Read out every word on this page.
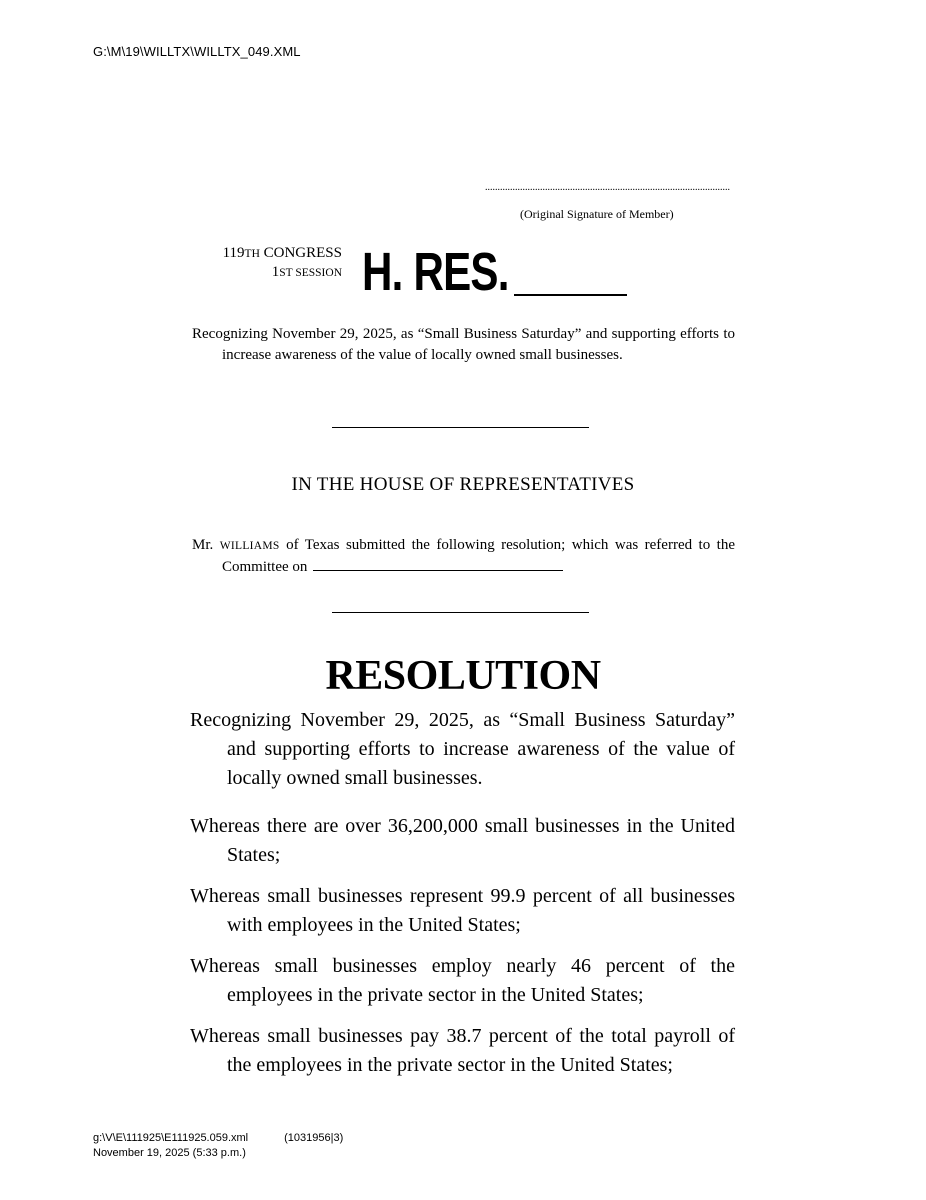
G:\M\19\WILLTX\WILLTX_049.XML
..................................................................................................
(Original Signature of Member)
119TH CONGRESS
1ST SESSION H. RES.
Recognizing November 29, 2025, as “Small Business Saturday” and supporting efforts to increase awareness of the value of locally owned small businesses.
IN THE HOUSE OF REPRESENTATIVES
Mr. WILLIAMS of Texas submitted the following resolution; which was referred to the Committee on
RESOLUTION
Recognizing November 29, 2025, as “Small Business Saturday” and supporting efforts to increase awareness of the value of locally owned small businesses.
Whereas there are over 36,200,000 small businesses in the United States;
Whereas small businesses represent 99.9 percent of all businesses with employees in the United States;
Whereas small businesses employ nearly 46 percent of the employees in the private sector in the United States;
Whereas small businesses pay 38.7 percent of the total payroll of the employees in the private sector in the United States;
g:\V\E\111925\E111925.059.xml	(1031956|3)
November 19, 2025 (5:33 p.m.)
